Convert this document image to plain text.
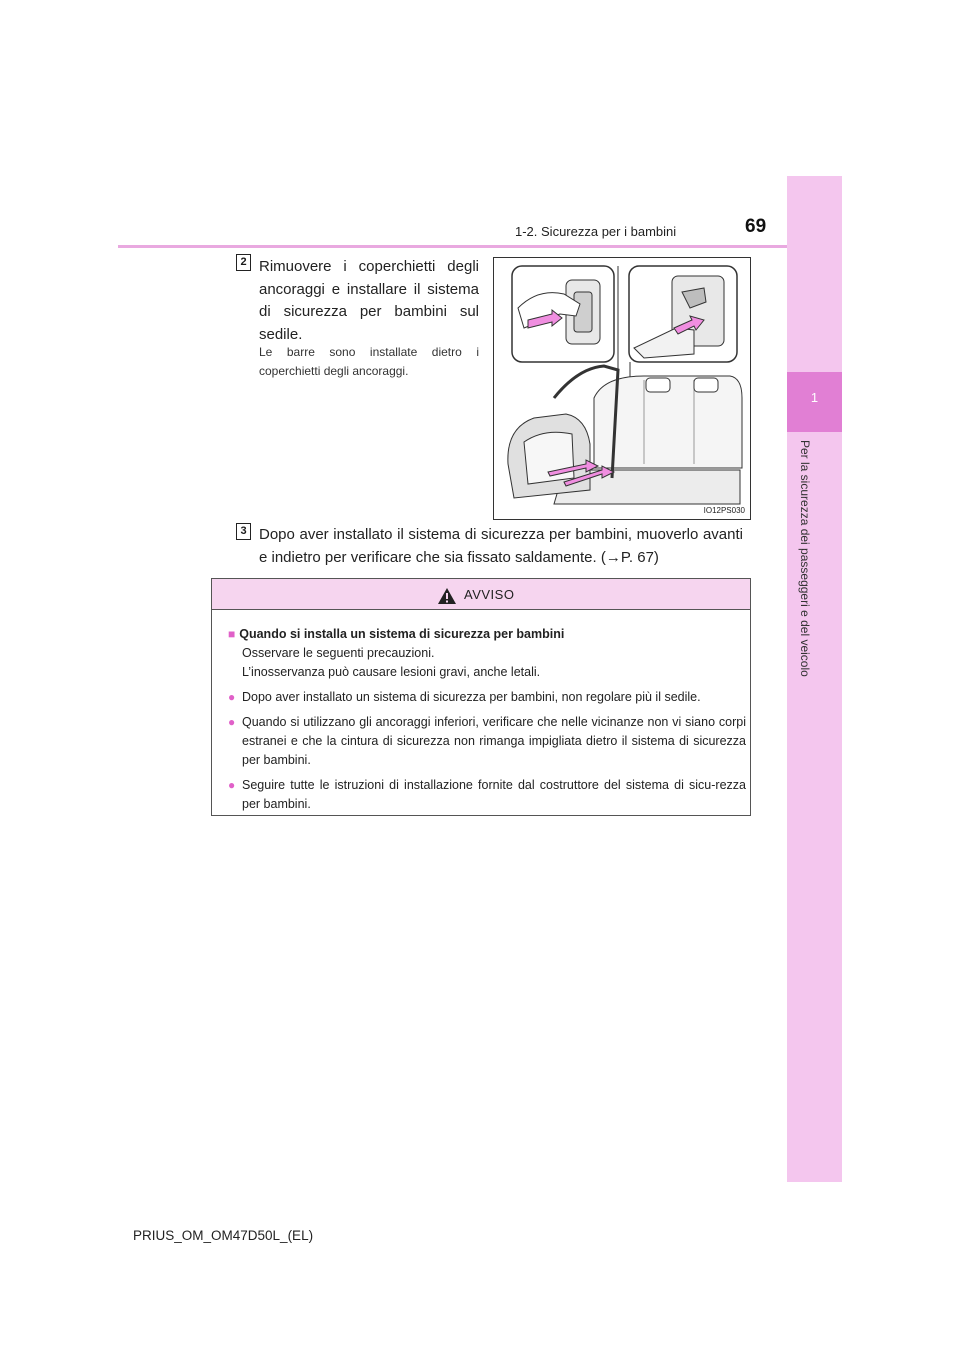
1
Per la sicurezza dei passeggeri e del veicolo
1-2. Sicurezza per i bambini	69
2 Rimuovere i coperchietti degli ancoraggi e installare il sistema di sicurezza per bambini sul sedile.
Le barre sono installate dietro i coperchietti degli ancoraggi.
IO12PS030
3 Dopo aver installato il sistema di sicurezza per bambini, muoverlo avanti e indietro per verificare che sia fissato saldamente. (→P. 67)
AVVISO
■ Quando si installa un sistema di sicurezza per bambini
Osservare le seguenti precauzioni.
L’inosservanza può causare lesioni gravi, anche letali.
● Dopo aver installato un sistema di sicurezza per bambini, non regolare più il sedile.
● Quando si utilizzano gli ancoraggi inferiori, verificare che nelle vicinanze non vi siano corpi estranei e che la cintura di sicurezza non rimanga impigliata dietro il sistema di sicurezza per bambini.
● Seguire tutte le istruzioni di installazione fornite dal costruttore del sistema di sicu-rezza per bambini.
PRIUS_OM_OM47D50L_(EL)
